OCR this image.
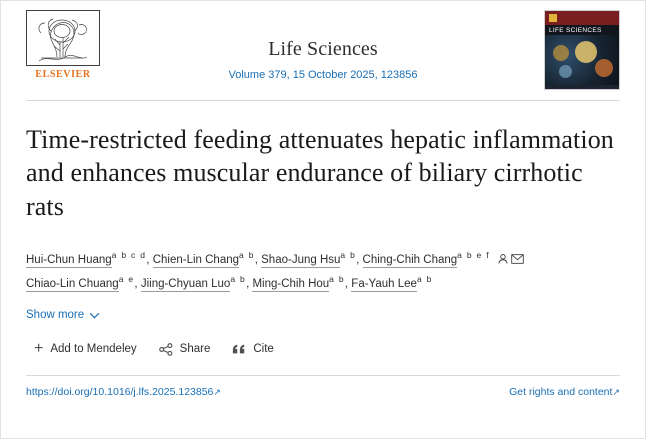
ELSEVIER
Life Sciences
Volume 379, 15 October 2025, 123856
LIFE SCIENCES
Time-restricted feeding attenuates hepatic inflammation and enhances muscular endurance of biliary cirrhotic rats
Hui-Chun Huang$^{a b c d}$, Chien-Lin Chang$^{a b}$, Shao-Jung Hsu$^{a b}$, Ching-Chih Chang$^{a b e f}$
Chiao-Lin Chuang$^{a e}$, Jiing-Chyuan Luo$^{a b}$, Ming-Chih Hou$^{a b}$, Fa-Yauh Lee$^{a b}$
Show more
+ Add to Mendeley	Share	Cite
https://doi.org/10.1016/j.lfs.2025.123856↗	Get rights and content↗
